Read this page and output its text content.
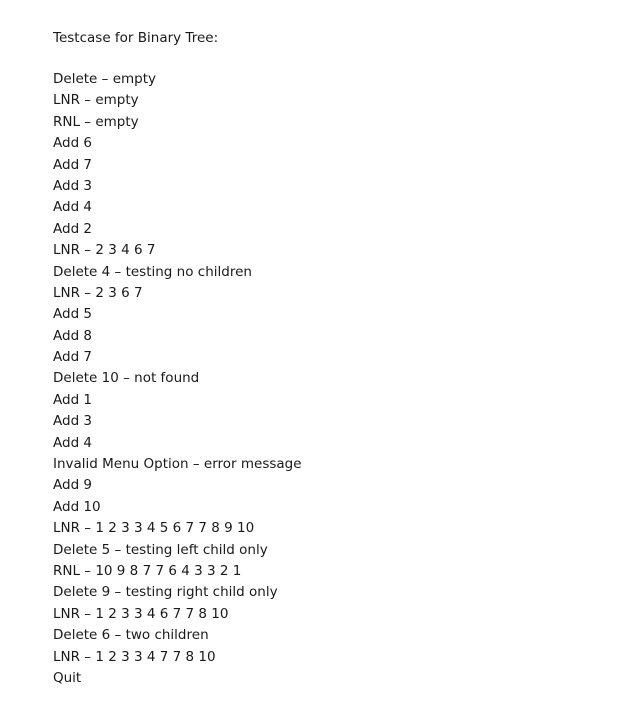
Testcase for Binary Tree:

Delete – empty
LNR – empty
RNL – empty
Add 6
Add 7
Add 3
Add 4
Add 2
LNR – 2 3 4 6 7
Delete 4 – testing no children
LNR – 2 3 6 7
Add 5
Add 8
Add 7
Delete 10 – not found
Add 1
Add 3
Add 4
Invalid Menu Option – error message
Add 9
Add 10
LNR – 1 2 3 3 4 5 6 7 7 8 9 10
Delete 5 – testing left child only
RNL – 10 9 8 7 7 6 4 3 3 2 1
Delete 9 – testing right child only
LNR – 1 2 3 3 4 6 7 7 8 10
Delete 6 – two children
LNR – 1 2 3 3 4 7 7 8 10
Quit
